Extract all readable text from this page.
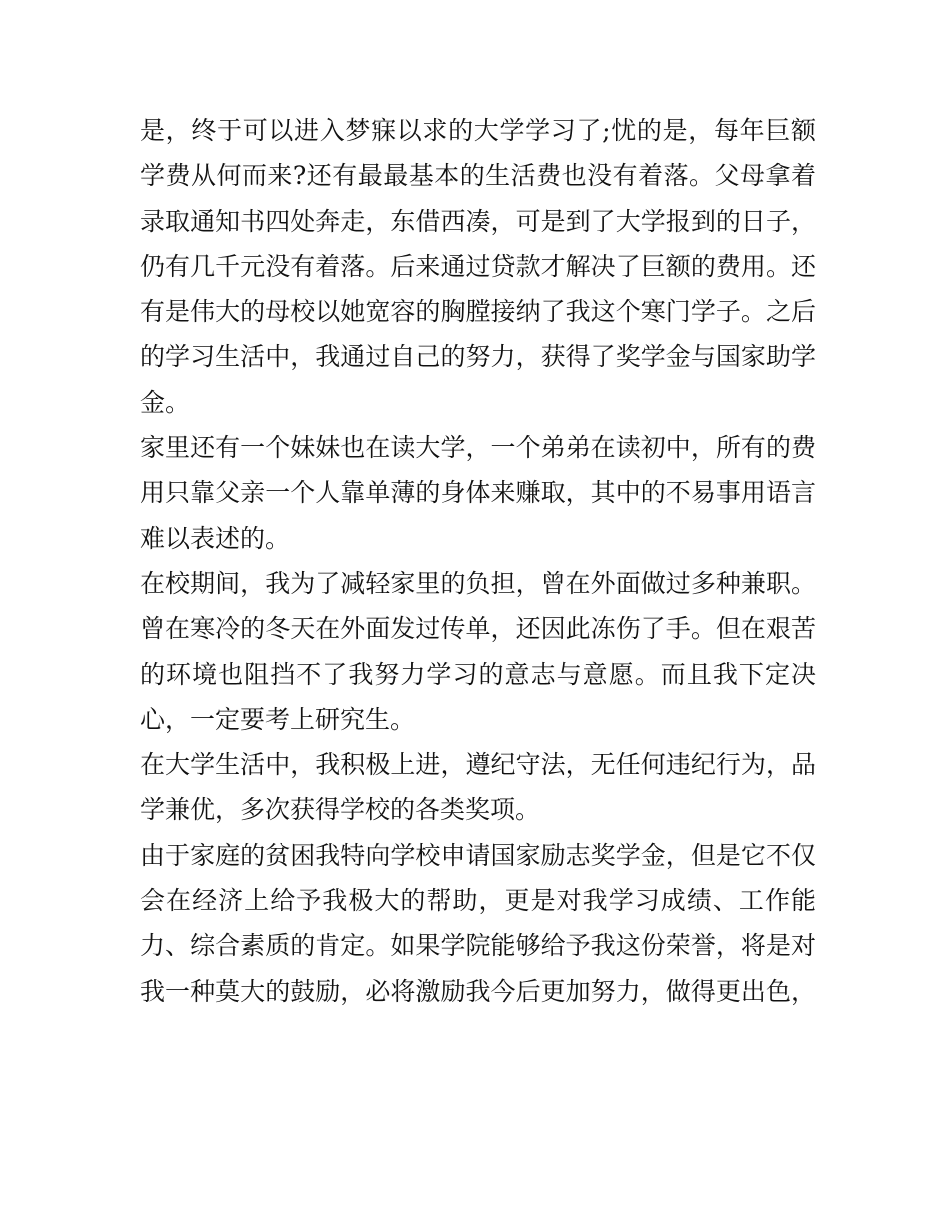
是，终于可以进入梦寐以求的大学学习了;忧的是，每年巨额
学费从何而来?还有最最基本的生活费也没有着落。父母拿着
录取通知书四处奔走，东借西凑，可是到了大学报到的日子，
仍有几千元没有着落。后来通过贷款才解决了巨额的费用。还
有是伟大的母校以她宽容的胸膛接纳了我这个寒门学子。之后
的学习生活中，我通过自己的努力，获得了奖学金与国家助学
金。
家里还有一个妹妹也在读大学，一个弟弟在读初中，所有的费
用只靠父亲一个人靠单薄的身体来赚取，其中的不易事用语言
难以表述的。
在校期间，我为了减轻家里的负担，曾在外面做过多种兼职。
曾在寒冷的冬天在外面发过传单，还因此冻伤了手。但在艰苦
的环境也阻挡不了我努力学习的意志与意愿。而且我下定决
心，一定要考上研究生。
在大学生活中，我积极上进，遵纪守法，无任何违纪行为，品
学兼优，多次获得学校的各类奖项。
由于家庭的贫困我特向学校申请国家励志奖学金，但是它不仅
会在经济上给予我极大的帮助，更是对我学习成绩、工作能
力、综合素质的肯定。如果学院能够给予我这份荣誉，将是对
我一种莫大的鼓励，必将激励我今后更加努力，做得更出色，
